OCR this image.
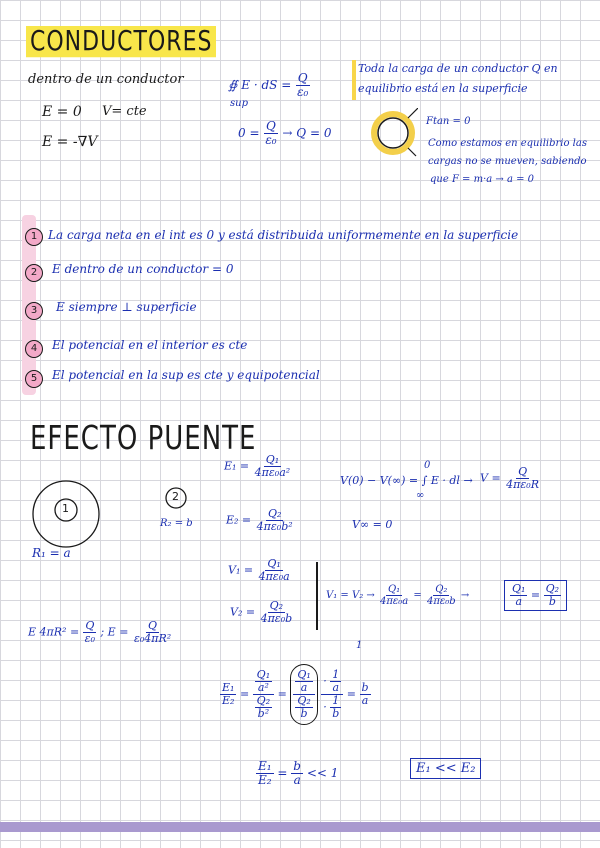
CONDUCTORES
dentro de un conductor
E = 0 V= cte
E = -∇V
∯ E · dS = $\frac{Q}{\text{ε₀}}$
sup
$0 = \frac{Q}{\text{ε₀}} \to Q = 0$
Toda la carga de un conductor Q en
equilibrio está en la superficie
Ftan = 0
Como estamos en equilibrio las
cargas no se mueven, sabiendo
que F = m·a → a = 0
1 La carga neta en el int es 0 y está distribuida uniformemente en la superficie
2	E dentro de un conductor = 0
3	E siempre ⊥ superficie
4	El potencial en el interior es cte
5	El potencial en la sup es cte y equipotencial
EFECTO PUENTE
1
R₁ = a
2
R₂ = b
$E_1 = \frac{\text{Q₁}}{\text{4πε₀a²}}$
$E_2 = \frac{\text{Q₂}}{\text{4πε₀b²}}$
V(0) − V(∞) = ∫ E · dl →
0
∞
$V = \frac{Q}{\text{4πε₀R}}$
V∞ = 0
$V_1 = \frac{\text{Q₁}}{\text{4πε₀a}}$
$V_2 = \frac{\text{Q₂}}{\text{4πε₀b}}$
$V_1 = V_2 \to \frac{\text{Q₁}}{\text{4πε₀a}} = \frac{\text{Q₂}}{\text{4πε₀b}}$ →	$\frac{\text{Q₁}}{a} = \frac{\text{Q₂}}{b}$
E $4\pi R^2 = \frac{Q}{\text{ε₀}}$ ; $E = \frac{Q}{\text{ε₀4πR²}}$
$\frac{\text{E₁}}{\text{E₂}} = \frac{\frac{\text{Q₁}}{\text{a²}}}{\frac{\text{Q₂}}{\text{b²}}} = \frac{\frac{\text{Q₁}}{a}}{\frac{\text{Q₂}}{b}}$
$\frac{\cdot \frac{1}{a}}{\cdot \frac{1}{b}} = \frac{b}{a}$
1
$\frac{\text{E₁}}{\text{E₂}} = \frac{b}{a} << 1$	E₁ << E₂
